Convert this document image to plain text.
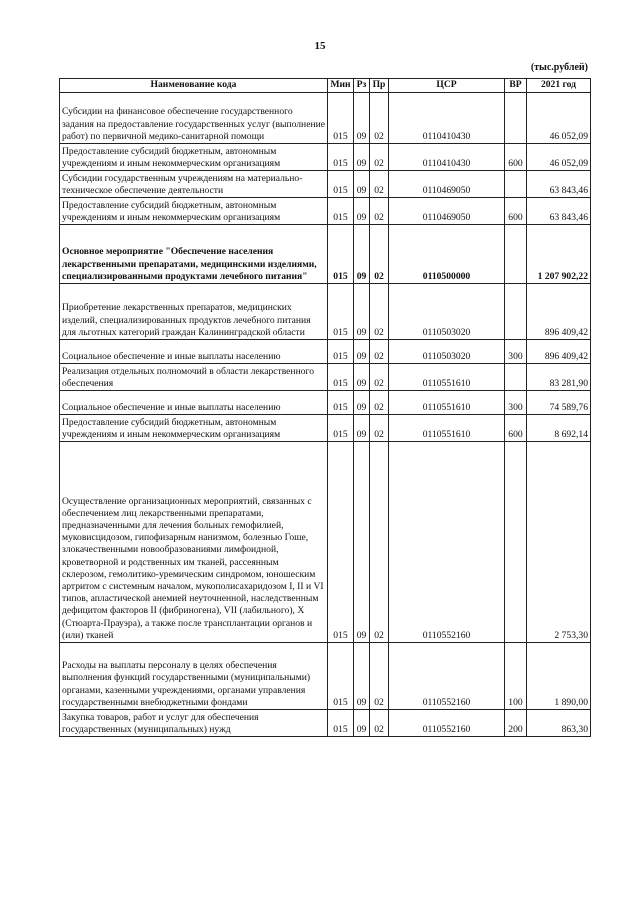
15
(тыс.рублей)
Наименование кода	Мин	Рз	Пр	ЦСР	ВР	2021 год
Субсидии на финансовое обеспечение государственного задания на предоставление государственных услуг (выполнение работ) по первичной медико-санитарной помощи	015	09	02	0110410430		46 052,09
Предоставление субсидий бюджетным, автономным учреждениям и иным некоммерческим организациям	015	09	02	0110410430	600	46 052,09
Субсидии государственным учреждениям на материально-техническое обеспечение деятельности	015	09	02	0110469050		63 843,46
Предоставление субсидий бюджетным, автономным учреждениям и иным некоммерческим организациям	015	09	02	0110469050	600	63 843,46
Основное мероприятие "Обеспечение населения лекарственными препаратами, медицинскими изделиями, специализированными продуктами лечебного питания"	015	09	02	0110500000		1 207 902,22
Приобретение лекарственных препаратов, медицинских изделий, специализированных продуктов лечебного питания для льготных категорий граждан Калининградской области	015	09	02	0110503020		896 409,42
Социальное обеспечение и иные выплаты населению	015	09	02	0110503020	300	896 409,42
Реализация отдельных полномочий в области лекарственного обеспечения	015	09	02	0110551610		83 281,90
Социальное обеспечение и иные выплаты населению	015	09	02	0110551610	300	74 589,76
Предоставление субсидий бюджетным, автономным учреждениям и иным некоммерческим организациям	015	09	02	0110551610	600	8 692,14
Осуществление организационных мероприятий, связанных с обеспечением лиц лекарственными препаратами, предназначенными для лечения больных гемофилией, муковисцидозом, гипофизарным нанизмом, болезнью Гоше, злокачественными новообразованиями лимфоидной, кроветворной и родственных им тканей, рассеянным склерозом, гемолитико-уремическим синдромом, юношеским артритом с системным началом, мукополисахаридозом I, II и VI типов, апластической анемией неуточненной, наследственным дефицитом факторов II (фибриногена), VII (лабильного), X (Стюарта-Прауэра), а также после трансплантации органов и (или) тканей	015	09	02	0110552160		2 753,30
Расходы на выплаты персоналу в целях обеспечения выполнения функций государственными (муниципальными) органами, казенными учреждениями, органами управления государственными внебюджетными фондами	015	09	02	0110552160	100	1 890,00
Закупка товаров, работ и услуг для обеспечения государственных (муниципальных) нужд	015	09	02	0110552160	200	863,30
